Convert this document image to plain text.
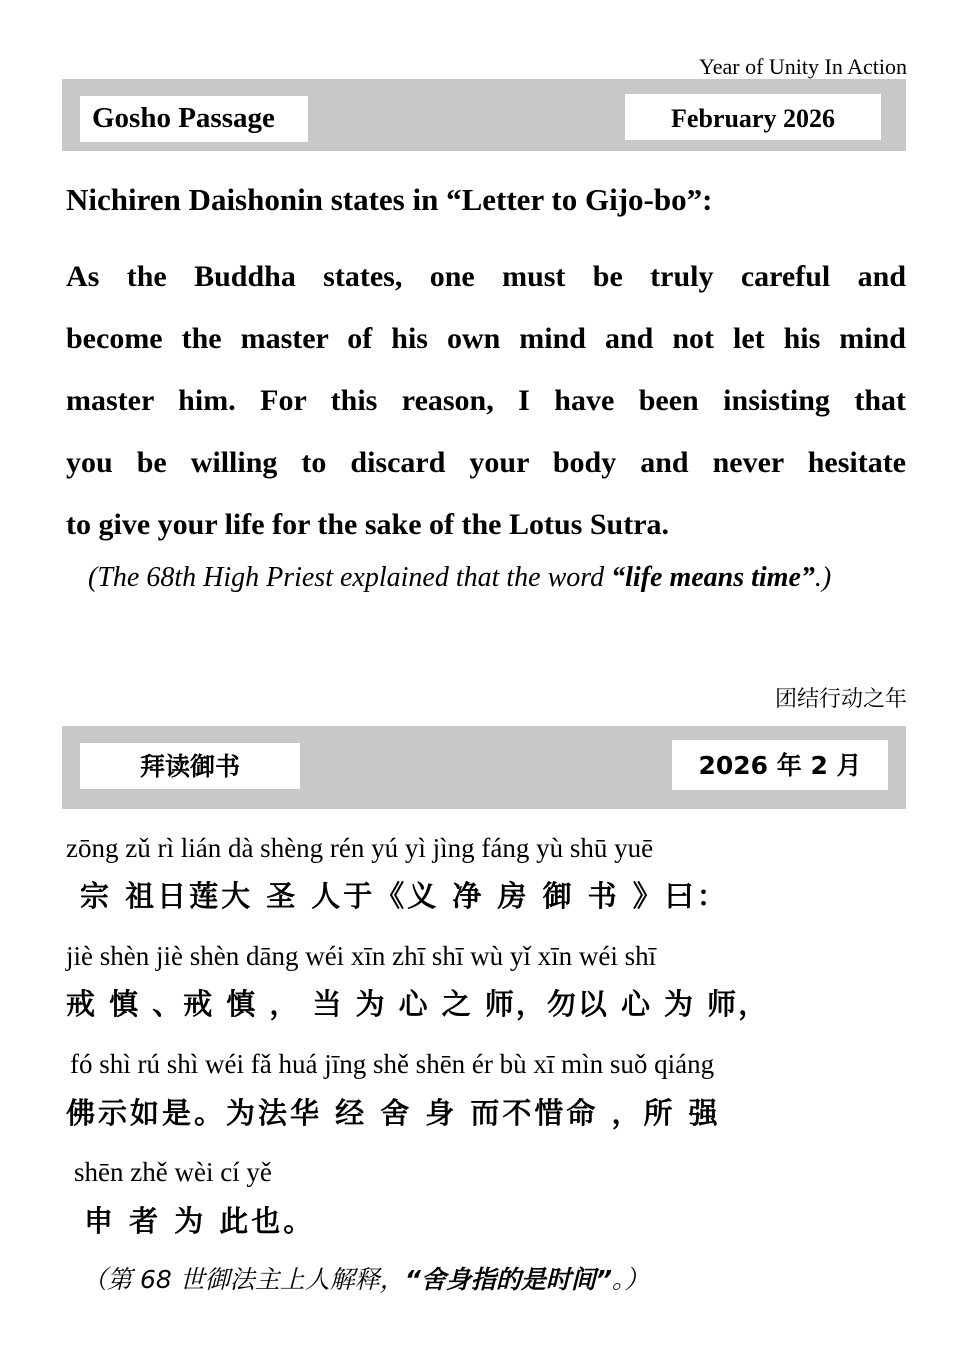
Year of Unity In Action
Gosho Passage	February 2026
Nichiren Daishonin states in “Letter to Gijo-bo”:
As the Buddha states, one must be truly careful and
become the master of his own mind and not let his mind
master him. For this reason, I have been insisting that
you be willing to discard your body and never hesitate
to give your life for the sake of the Lotus Sutra.
(The 68th High Priest explained that the word “life means time”.)
团结行动之年
拜读御书	2026 年 2 月
zōng zǔ rì lián dà shèng rén yú yì jìng fáng yù shū yuē
宗 祖日莲大 圣 人于《义 净 房 御 书 》曰：
jiè shèn jiè shèn dāng wéi xīn zhī shī wù yǐ xīn wéi shī
戒 慎 、戒 慎 ， 当 为 心 之 师，勿以 心 为 师，
fó shì rú shì wéi fǎ huá jīng shě shēn ér bù xī mìn suǒ qiáng
佛示如是。为法华 经 舍 身 而不惜命 ，所 强
shēn zhě wèi cí yě
申 者 为 此也。
（第 68 世御法主上人解释，“舍身指的是时间”。）
